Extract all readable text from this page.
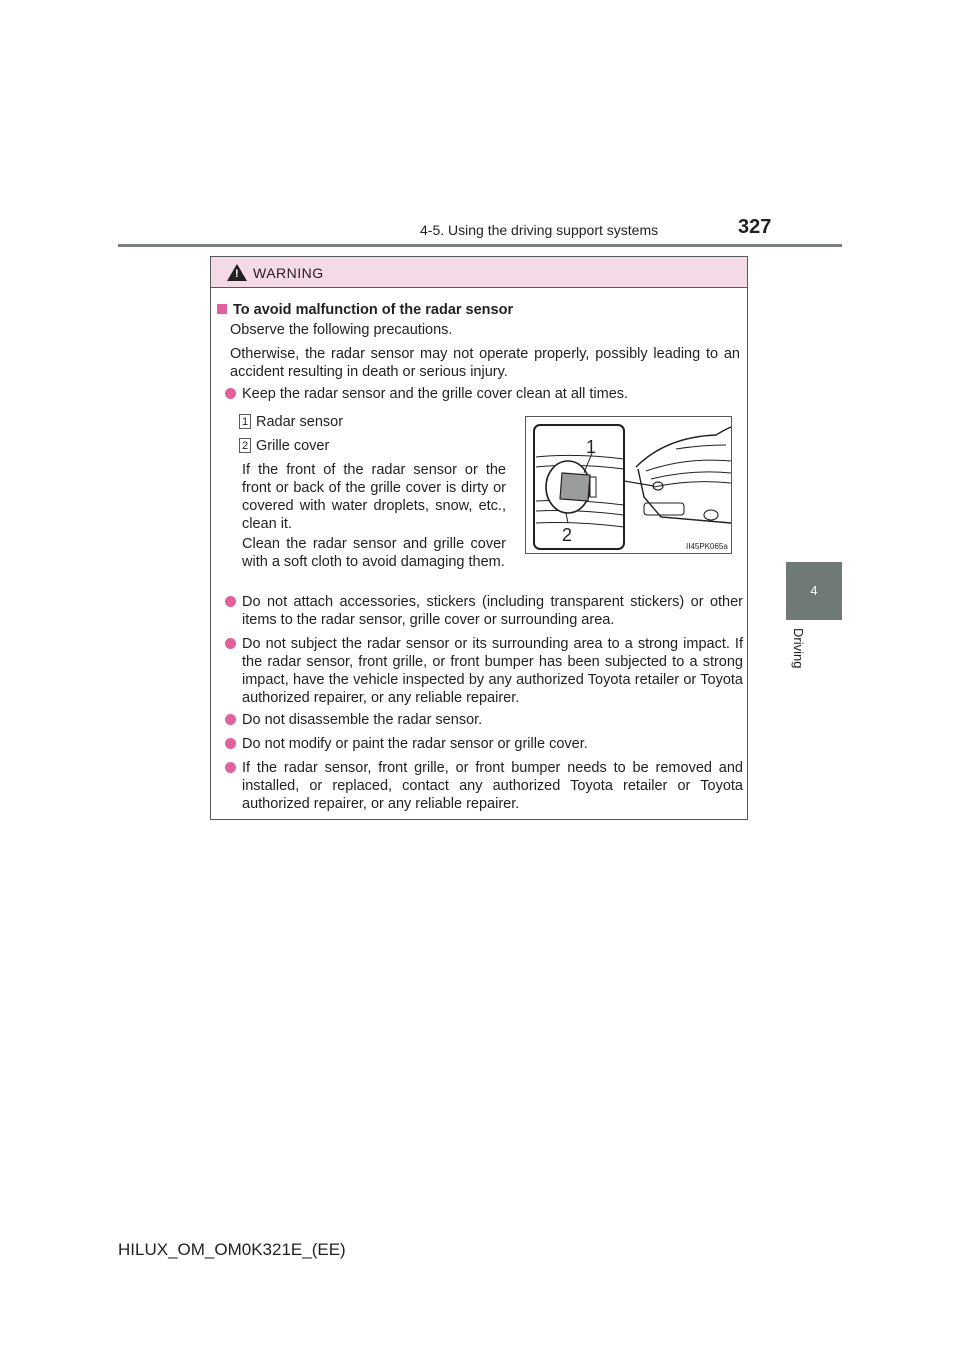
4-5. Using the driving support systems	327
4
Driving
! WARNING
To avoid malfunction of the radar sensor

Observe the following precautions.

Otherwise, the radar sensor may not operate properly, possibly leading to an accident resulting in death or serious injury.

Keep the radar sensor and the grille cover clean at all times.

1 Radar sensor
2 Grille cover

If the front of the radar sensor or the front or back of the grille cover is dirty or covered with water droplets, snow, etc., clean it.

Clean the radar sensor and grille cover with a soft cloth to avoid damaging them.

1
2
II45PK065a

Do not attach accessories, stickers (including transparent stickers) or other items to the radar sensor, grille cover or surrounding area.

Do not subject the radar sensor or its surrounding area to a strong impact. If the radar sensor, front grille, or front bumper has been subjected to a strong impact, have the vehicle inspected by any authorized Toyota retailer or Toyota authorized repairer, or any reliable repairer.

Do not disassemble the radar sensor.

Do not modify or paint the radar sensor or grille cover.

If the radar sensor, front grille, or front bumper needs to be removed and installed, or replaced, contact any authorized Toyota retailer or Toyota authorized repairer, or any reliable repairer.

HILUX_OM_OM0K321E_(EE)
